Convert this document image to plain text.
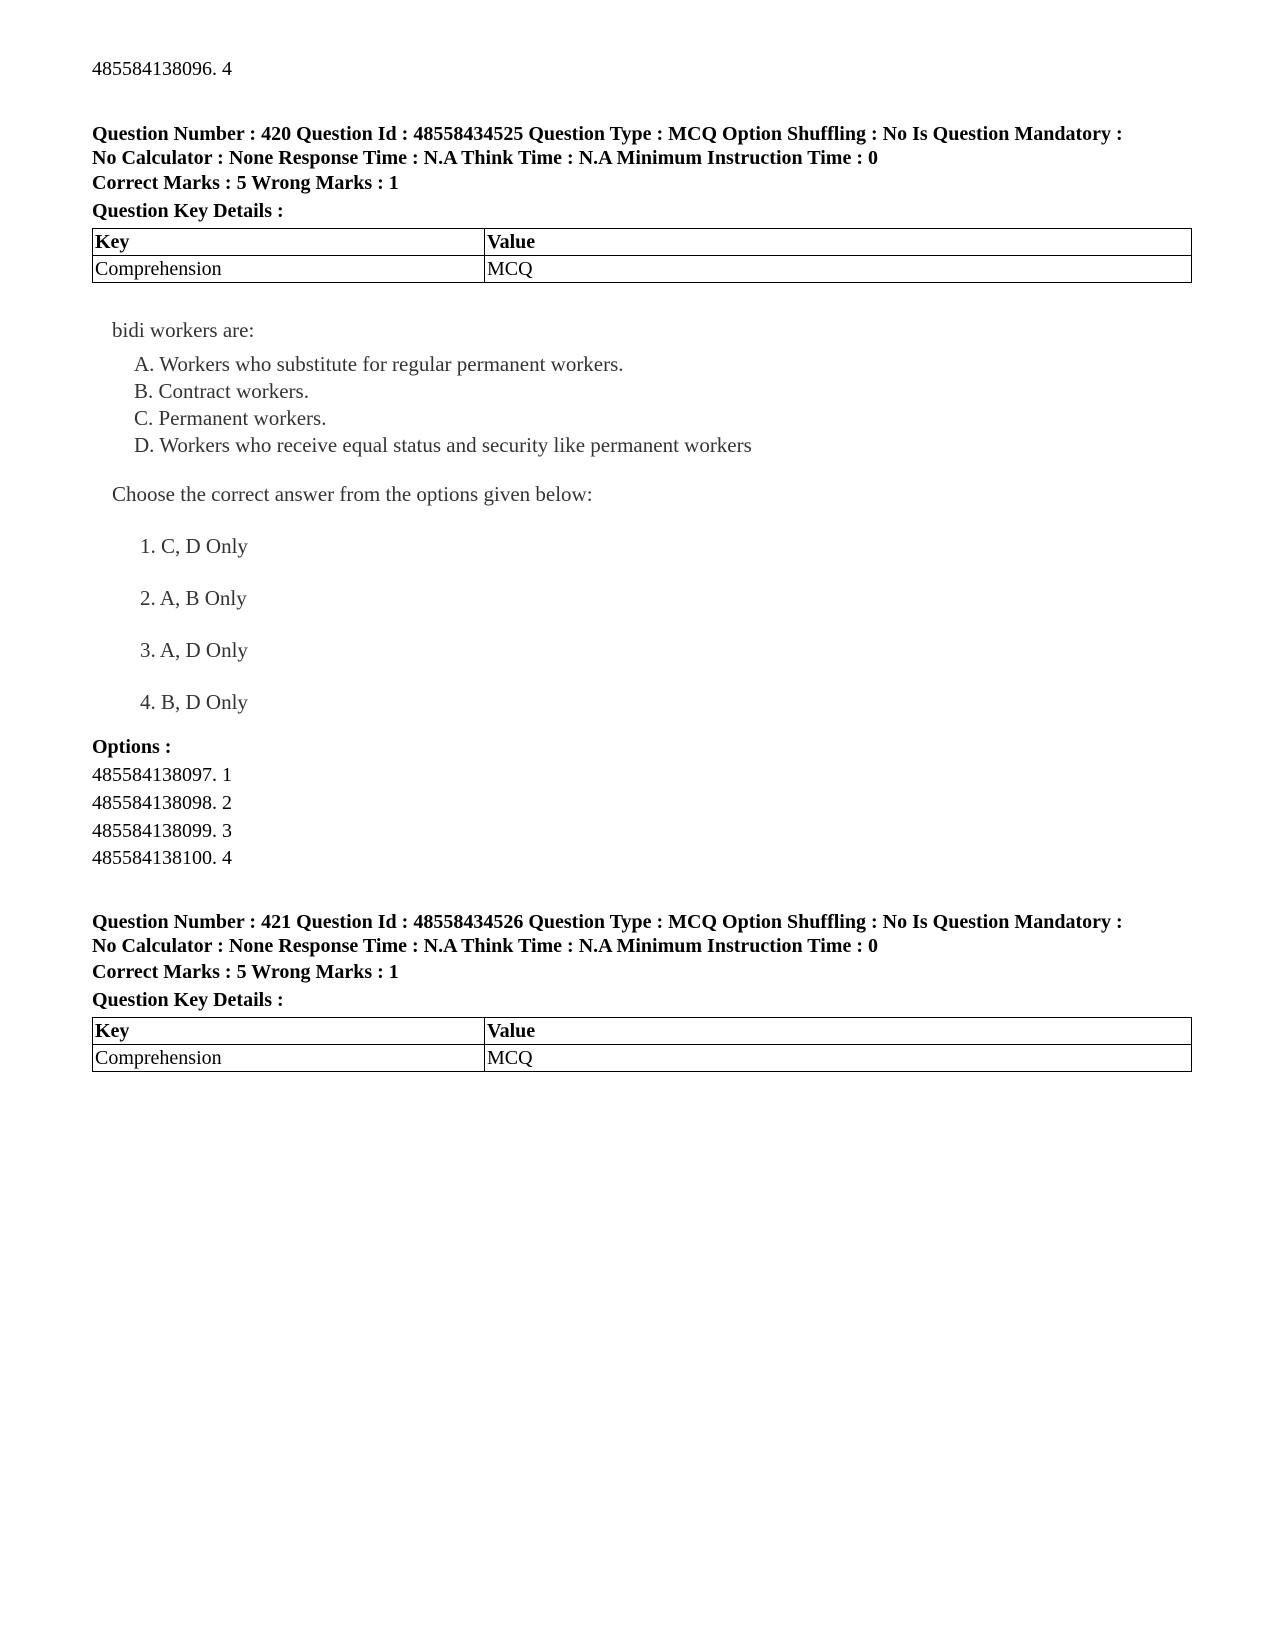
485584138096. 4
Question Number : 420 Question Id : 48558434525 Question Type : MCQ Option Shuffling : No Is Question Mandatory :
No Calculator : None Response Time : N.A Think Time : N.A Minimum Instruction Time : 0
Correct Marks : 5 Wrong Marks : 1
Question Key Details :
Key	Value
Comprehension	MCQ
bidi workers are:
A. Workers who substitute for regular permanent workers.
B. Contract workers.
C. Permanent workers.
D. Workers who receive equal status and security like permanent workers
Choose the correct answer from the options given below:
1. C, D Only
2. A, B Only
3. A, D Only
4. B, D Only
Options :
485584138097. 1
485584138098. 2
485584138099. 3
485584138100. 4
Question Number : 421 Question Id : 48558434526 Question Type : MCQ Option Shuffling : No Is Question Mandatory :
No Calculator : None Response Time : N.A Think Time : N.A Minimum Instruction Time : 0
Correct Marks : 5 Wrong Marks : 1
Question Key Details :
Key	Value
Comprehension	MCQ
